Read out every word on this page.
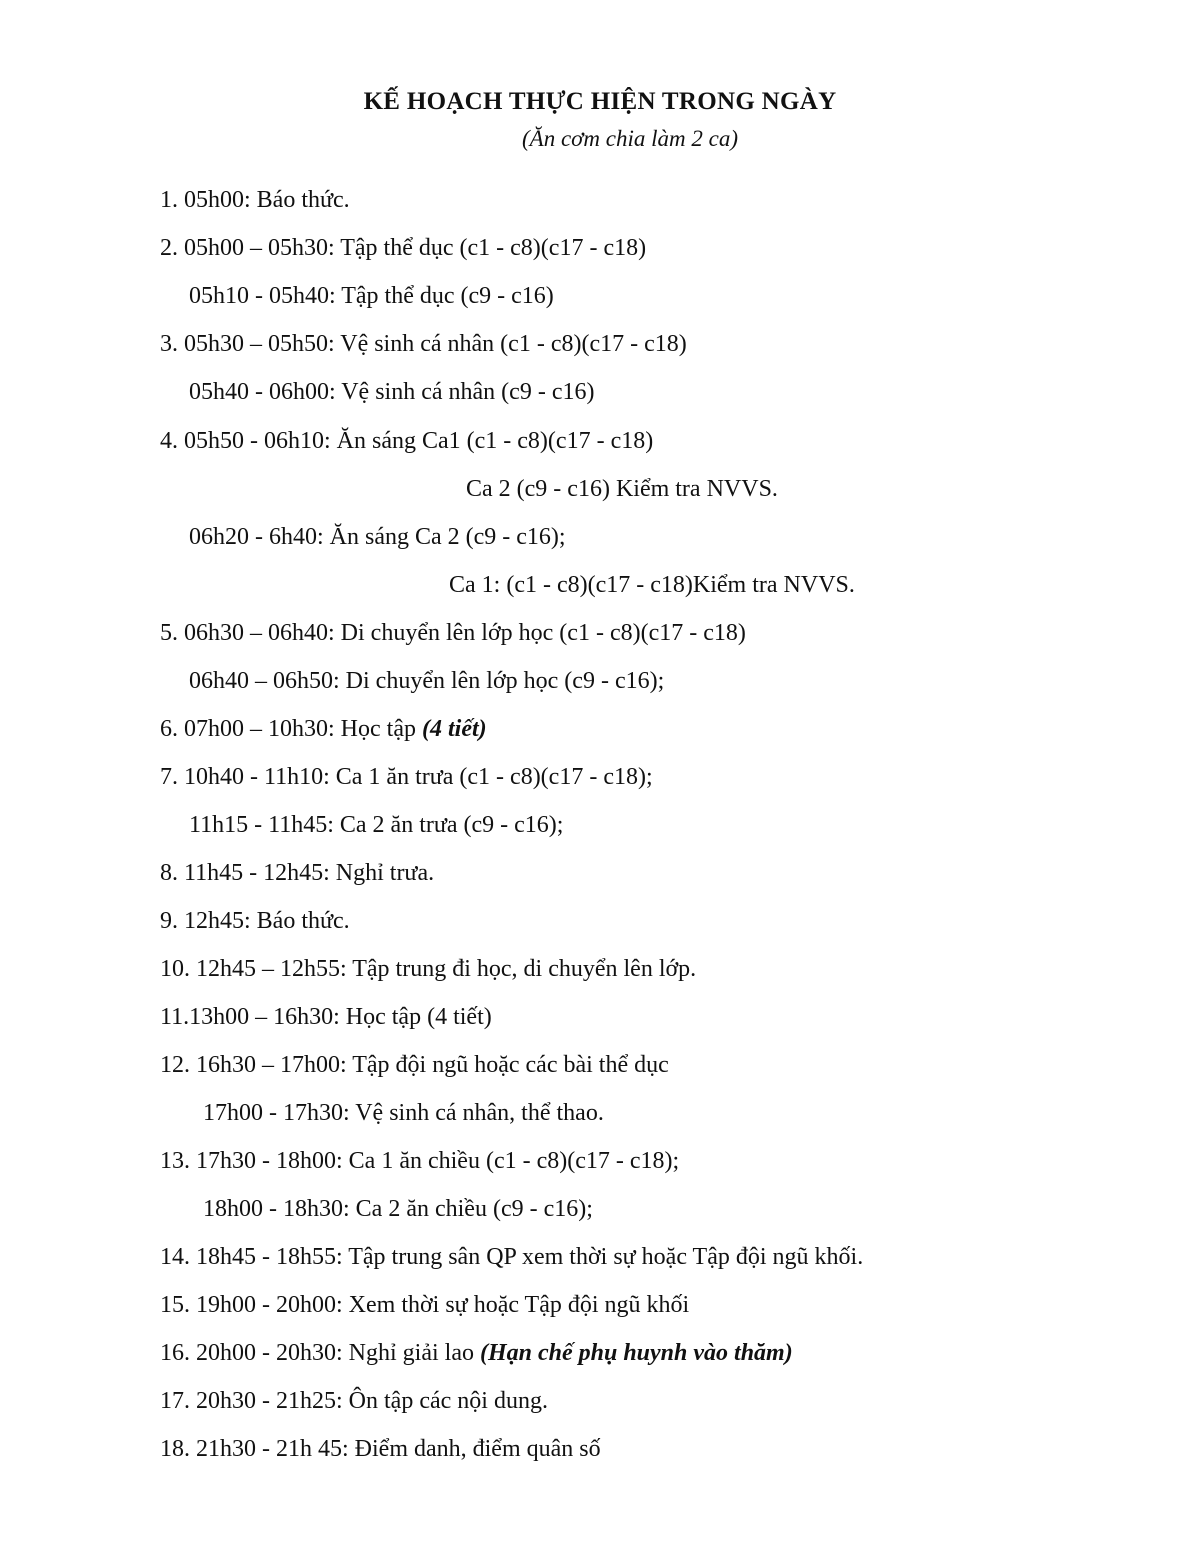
KẾ HOẠCH THỰC HIỆN TRONG NGÀY
(Ăn cơm chia làm 2 ca)
1. 05h00: Báo thức.
2. 05h00 – 05h30: Tập thể dục (c1 - c8)(c17 - c18)
05h10 - 05h40: Tập thể dục (c9 - c16)
3. 05h30 – 05h50: Vệ sinh cá nhân (c1 - c8)(c17 - c18)
05h40 - 06h00: Vệ sinh cá nhân (c9 - c16)
4. 05h50 - 06h10: Ăn sáng Ca1 (c1 - c8)(c17 - c18)
Ca 2 (c9 - c16) Kiểm tra NVVS.
06h20 - 6h40: Ăn sáng Ca 2 (c9 - c16);
Ca 1: (c1 - c8)(c17 - c18)Kiểm tra NVVS.
5. 06h30 – 06h40: Di chuyển lên lớp học (c1 - c8)(c17 - c18)
06h40 – 06h50: Di chuyển lên lớp học (c9 - c16);
6. 07h00 – 10h30: Học tập (4 tiết)
7. 10h40 - 11h10: Ca 1 ăn trưa (c1 - c8)(c17 - c18);
11h15 - 11h45: Ca 2 ăn trưa (c9 - c16);
8. 11h45 - 12h45: Nghỉ trưa.
9. 12h45: Báo thức.
10. 12h45 – 12h55: Tập trung đi học, di chuyển lên lớp.
11.13h00 – 16h30: Học tập (4 tiết)
12. 16h30 – 17h00: Tập đội ngũ hoặc các bài thể dục
17h00 - 17h30: Vệ sinh cá nhân, thể thao.
13. 17h30 - 18h00: Ca 1 ăn chiều (c1 - c8)(c17 - c18);
18h00 - 18h30: Ca 2 ăn chiều (c9 - c16);
14. 18h45 - 18h55: Tập trung sân QP xem thời sự hoặc Tập đội ngũ khối.
15. 19h00 - 20h00: Xem thời sự hoặc Tập đội ngũ khối
16. 20h00 - 20h30: Nghỉ giải lao (Hạn chế phụ huynh vào thăm)
17. 20h30 - 21h25: Ôn tập các nội dung.
18. 21h30 - 21h 45: Điểm danh, điểm quân số
